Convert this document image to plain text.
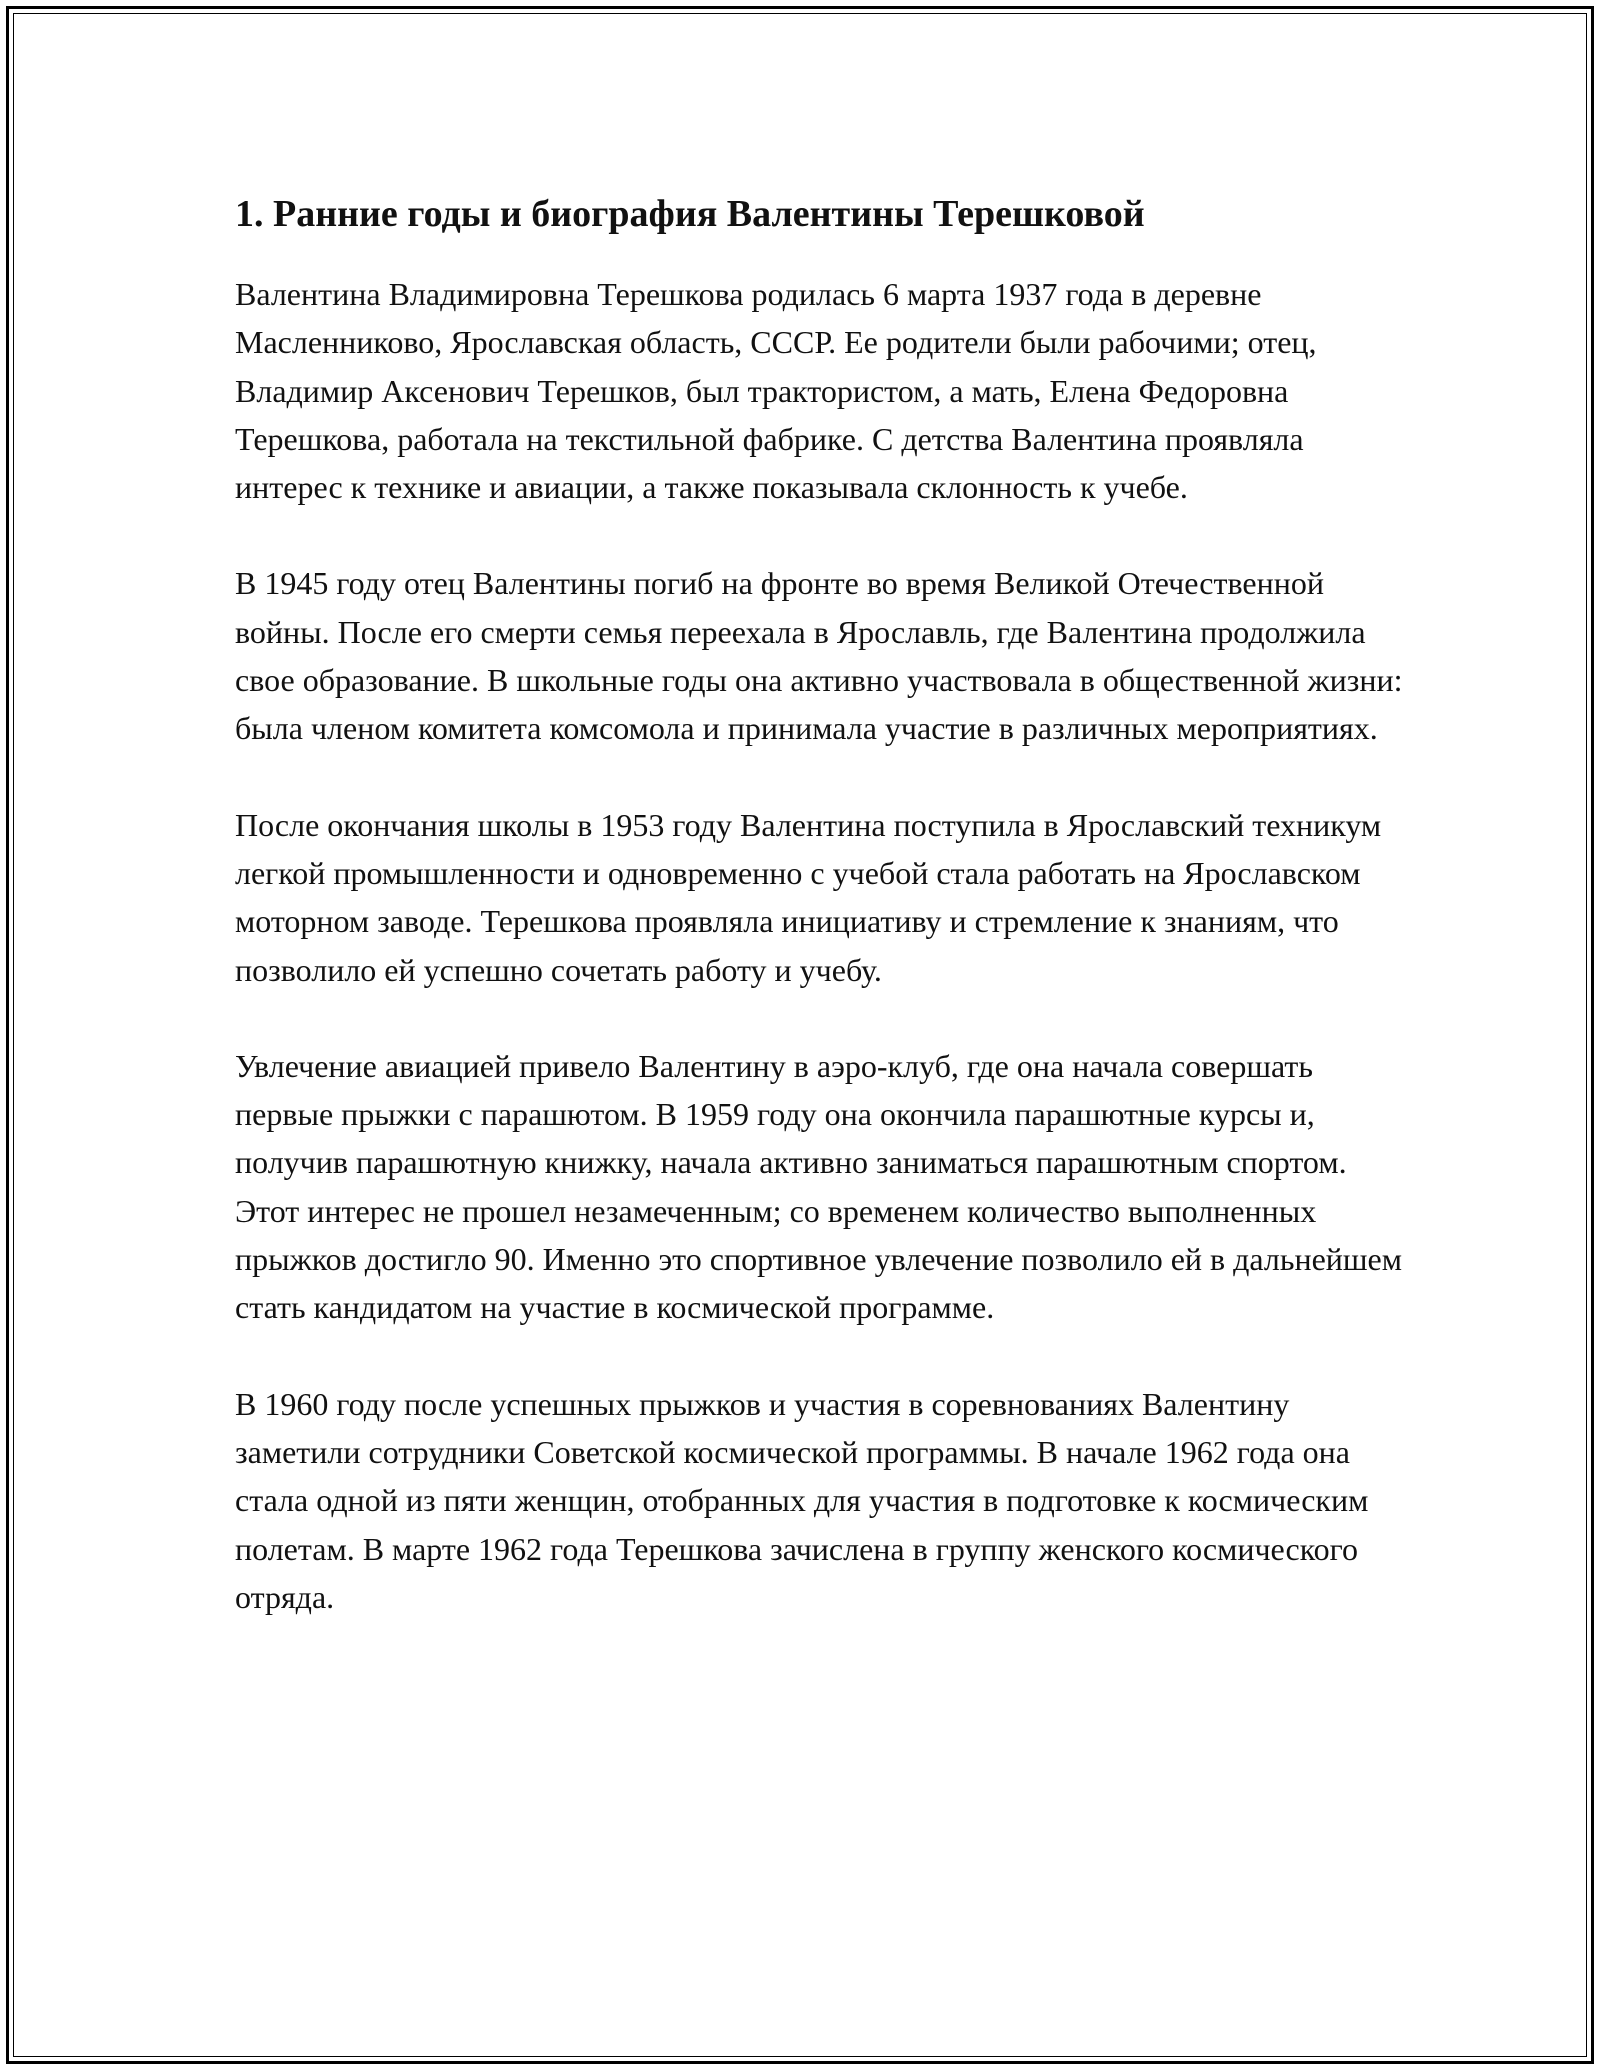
1. Ранние годы и биография Валентины Терешковой

Валентина Владимировна Терешкова родилась 6 марта 1937 года в деревне Масленниково, Ярославская область, СССР. Ее родители были рабочими; отец, Владимир Аксенович Терешков, был трактористом, а мать, Елена Федоровна Терешкова, работала на текстильной фабрике. С детства Валентина проявляла интерес к технике и авиации, а также показывала склонность к учебе.

В 1945 году отец Валентины погиб на фронте во время Великой Отечественной войны. После его смерти семья переехала в Ярославль, где Валентина продолжила свое образование. В школьные годы она активно участвовала в общественной жизни: была членом комитета комсомола и принимала участие в различных мероприятиях.

После окончания школы в 1953 году Валентина поступила в Ярославский техникум легкой промышленности и одновременно с учебой стала работать на Ярославском моторном заводе. Терешкова проявляла инициативу и стремление к знаниям, что позволило ей успешно сочетать работу и учебу.

Увлечение авиацией привело Валентину в аэро-клуб, где она начала совершать первые прыжки с парашютом. В 1959 году она окончила парашютные курсы и, получив парашютную книжку, начала активно заниматься парашютным спортом. Этот интерес не прошел незамеченным; со временем количество выполненных прыжков достигло 90. Именно это спортивное увлечение позволило ей в дальнейшем стать кандидатом на участие в космической программе.

В 1960 году после успешных прыжков и участия в соревнованиях Валентину заметили сотрудники Советской космической программы. В начале 1962 года она стала одной из пяти женщин, отобранных для участия в подготовке к космическим полетам. В марте 1962 года Терешкова зачислена в группу женского космического отряда.
